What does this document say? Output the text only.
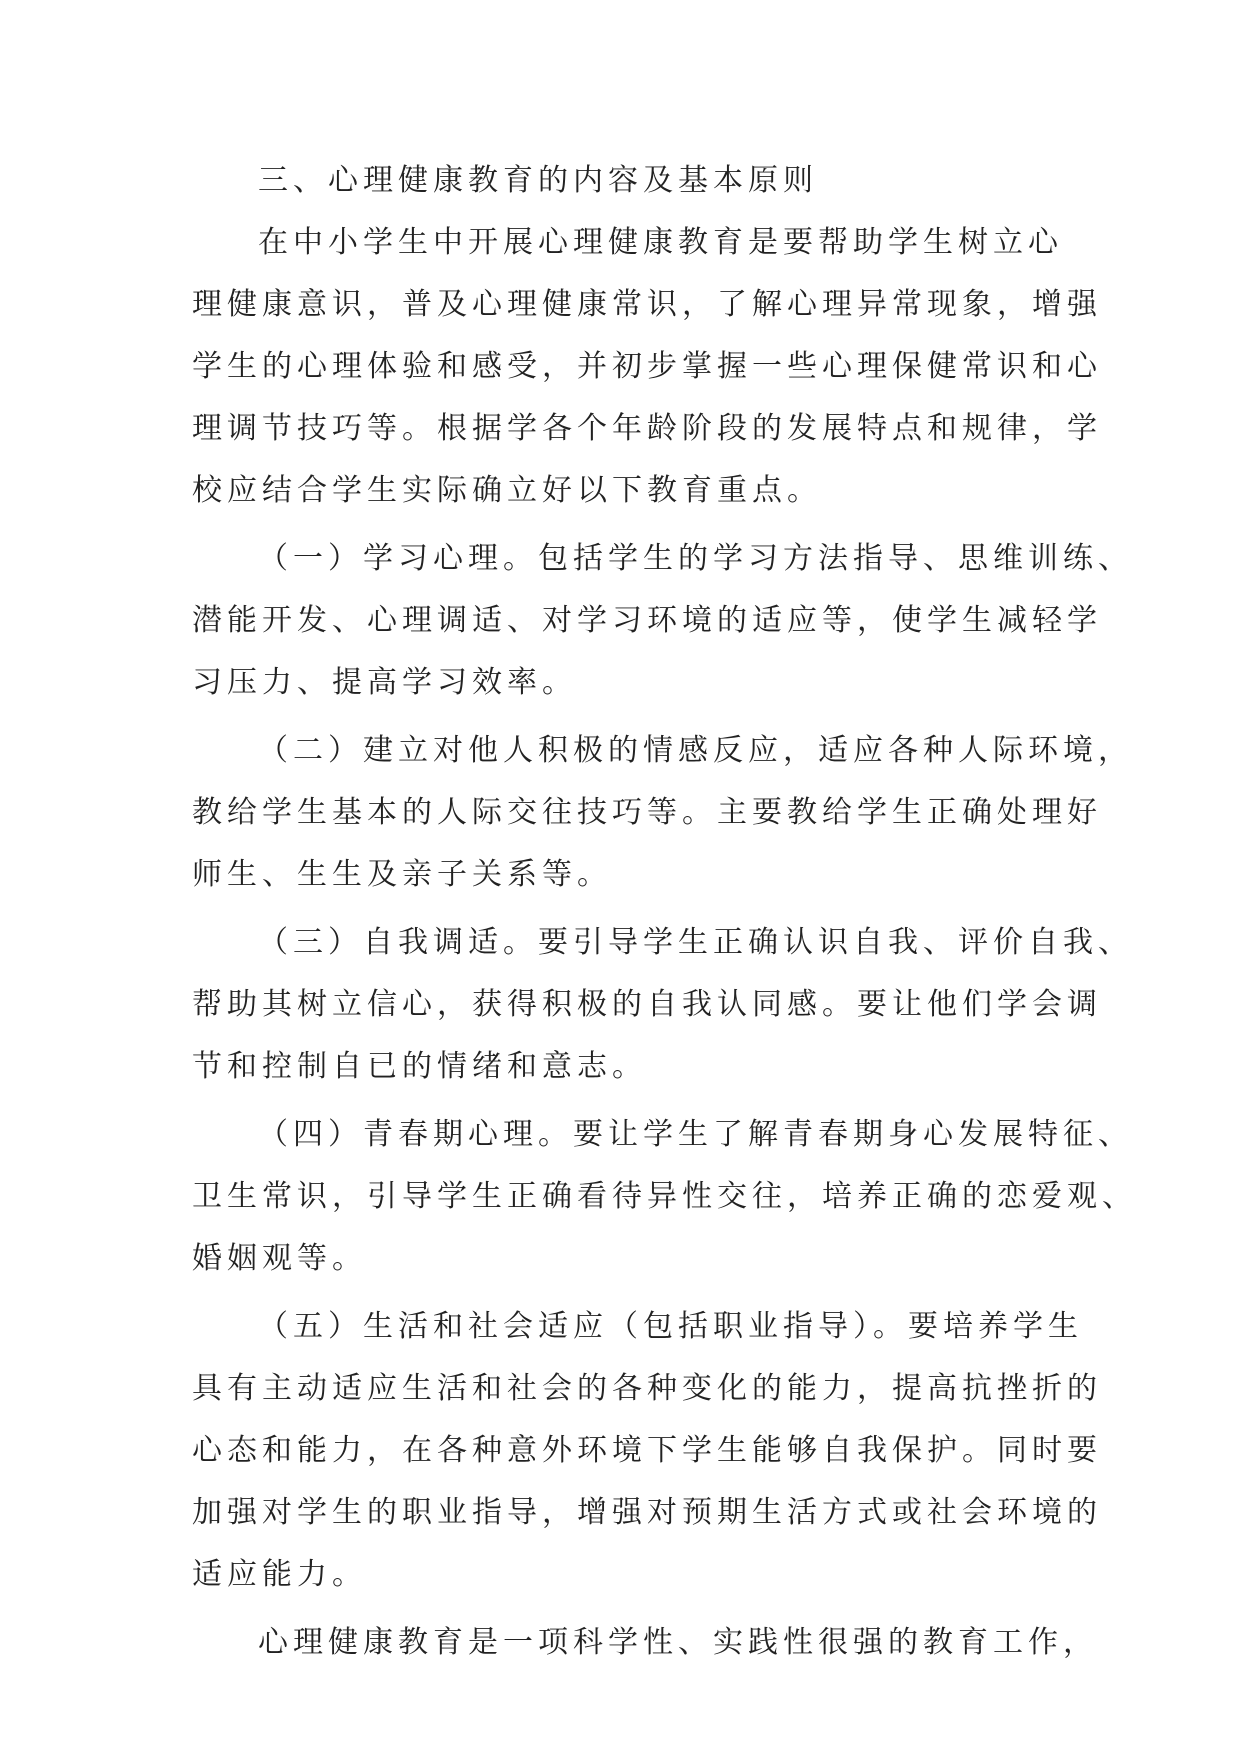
三、心理健康教育的内容及基本原则
在中小学生中开展心理健康教育是要帮助学生树立心
理健康意识，普及心理健康常识，了解心理异常现象，增强
学生的心理体验和感受，并初步掌握一些心理保健常识和心
理调节技巧等。根据学各个年龄阶段的发展特点和规律，学
校应结合学生实际确立好以下教育重点。
（一）学习心理。包括学生的学习方法指导、思维训练、
潜能开发、心理调适、对学习环境的适应等，使学生减轻学
习压力、提高学习效率。
（二）建立对他人积极的情感反应，适应各种人际环境，
教给学生基本的人际交往技巧等。主要教给学生正确处理好
师生、生生及亲子关系等。
（三）自我调适。要引导学生正确认识自我、评价自我、
帮助其树立信心，获得积极的自我认同感。要让他们学会调
节和控制自已的情绪和意志。
（四）青春期心理。要让学生了解青春期身心发展特征、
卫生常识，引导学生正确看待异性交往，培养正确的恋爱观、
婚姻观等。
（五）生活和社会适应（包括职业指导）。要培养学生
具有主动适应生活和社会的各种变化的能力，提高抗挫折的
心态和能力，在各种意外环境下学生能够自我保护。同时要
加强对学生的职业指导，增强对预期生活方式或社会环境的
适应能力。
心理健康教育是一项科学性、实践性很强的教育工作，
